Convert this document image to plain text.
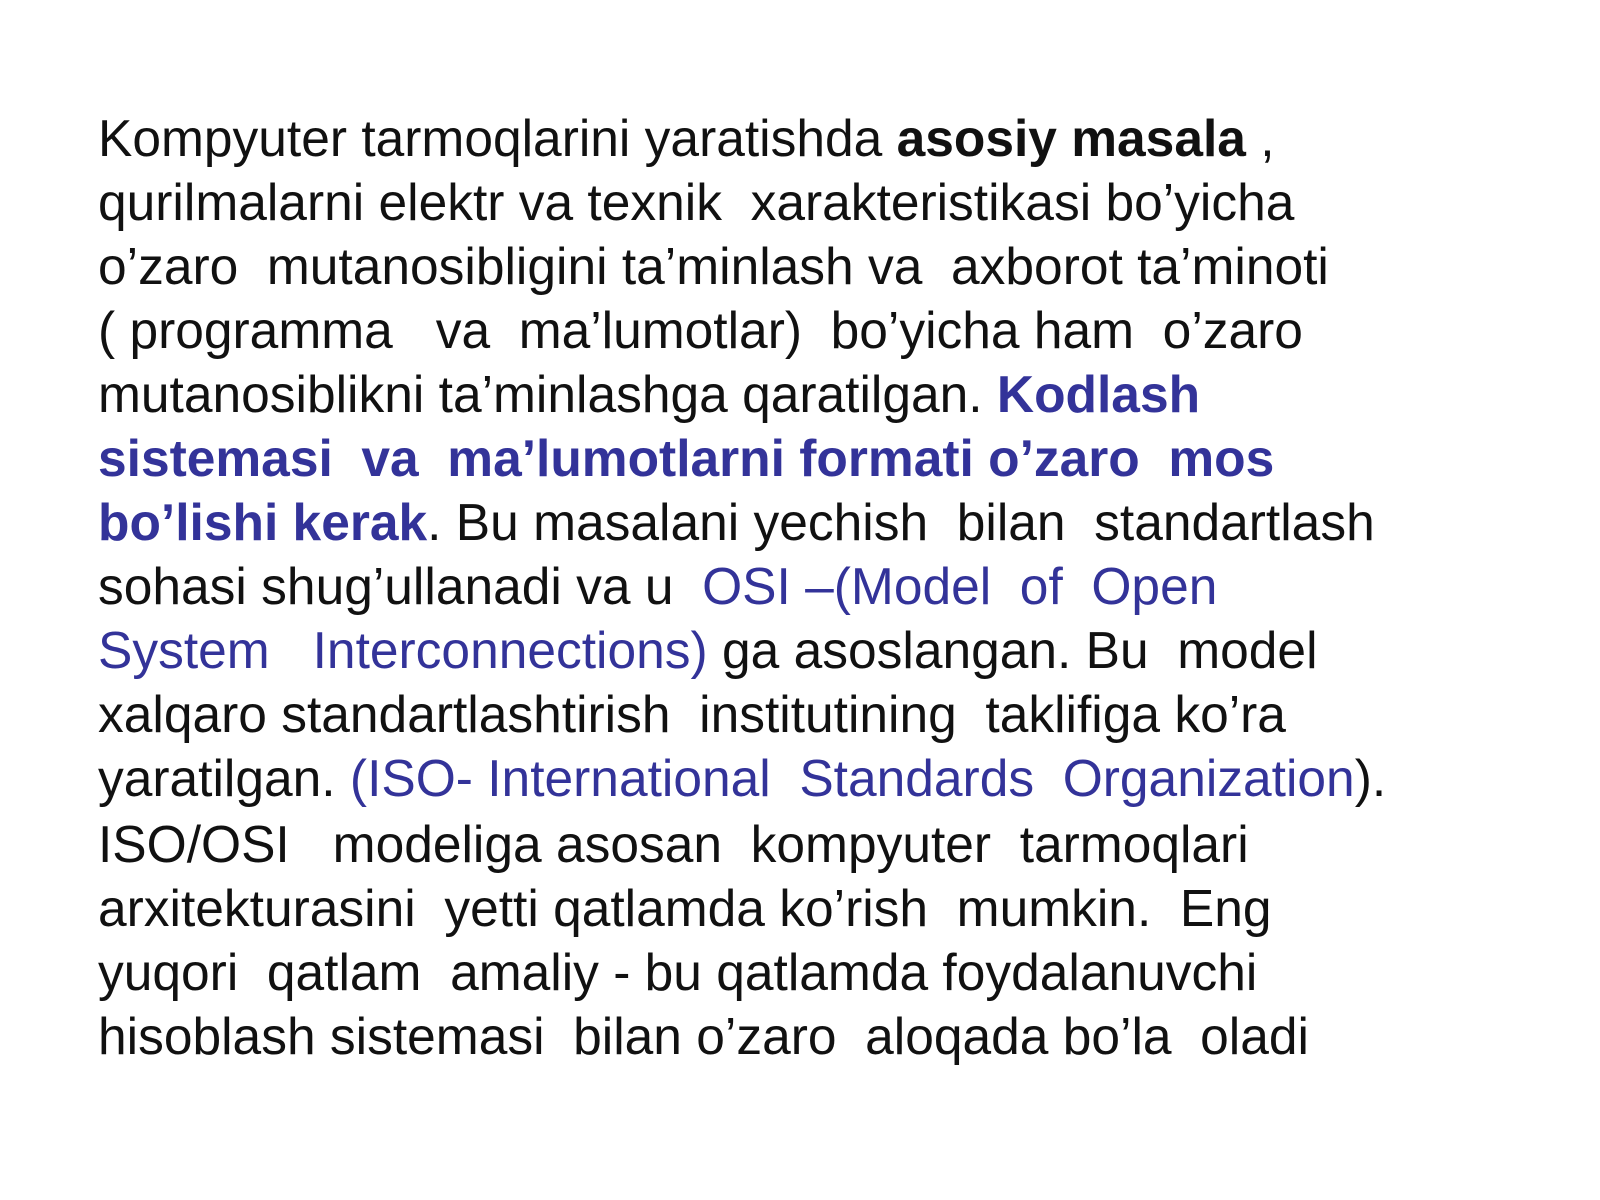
Kompyuter tarmoqlarini yaratishda asosiy masala ,
qurilmalarni elektr va texnik  xarakteristikasi bo’yicha
o’zaro  mutanosibligini ta’minlash va  axborot ta’minoti
( programma   va  ma’lumotlar)  bo’yicha ham  o’zaro
mutanosiblikni ta’minlashga qaratilgan. Kodlash
sistemasi  va  ma’lumotlarni formati o’zaro  mos
bo’lishi kerak. Bu masalani yechish  bilan  standartlash
sohasi shug’ullanadi va u  OSI –(Model  of  Open
System   Interconnections) ga asoslangan. Bu  model
xalqaro standartlashtirish  institutining  taklifiga ko’ra
yaratilgan. (ISO- International  Standards  Organization).
ISO/OSI   modeliga asosan  kompyuter  tarmoqlari
arxitekturasini  yetti qatlamda ko’rish  mumkin.  Eng
yuqori  qatlam  amaliy - bu qatlamda foydalanuvchi
hisoblash sistemasi  bilan o’zaro  aloqada bo’la  oladi
